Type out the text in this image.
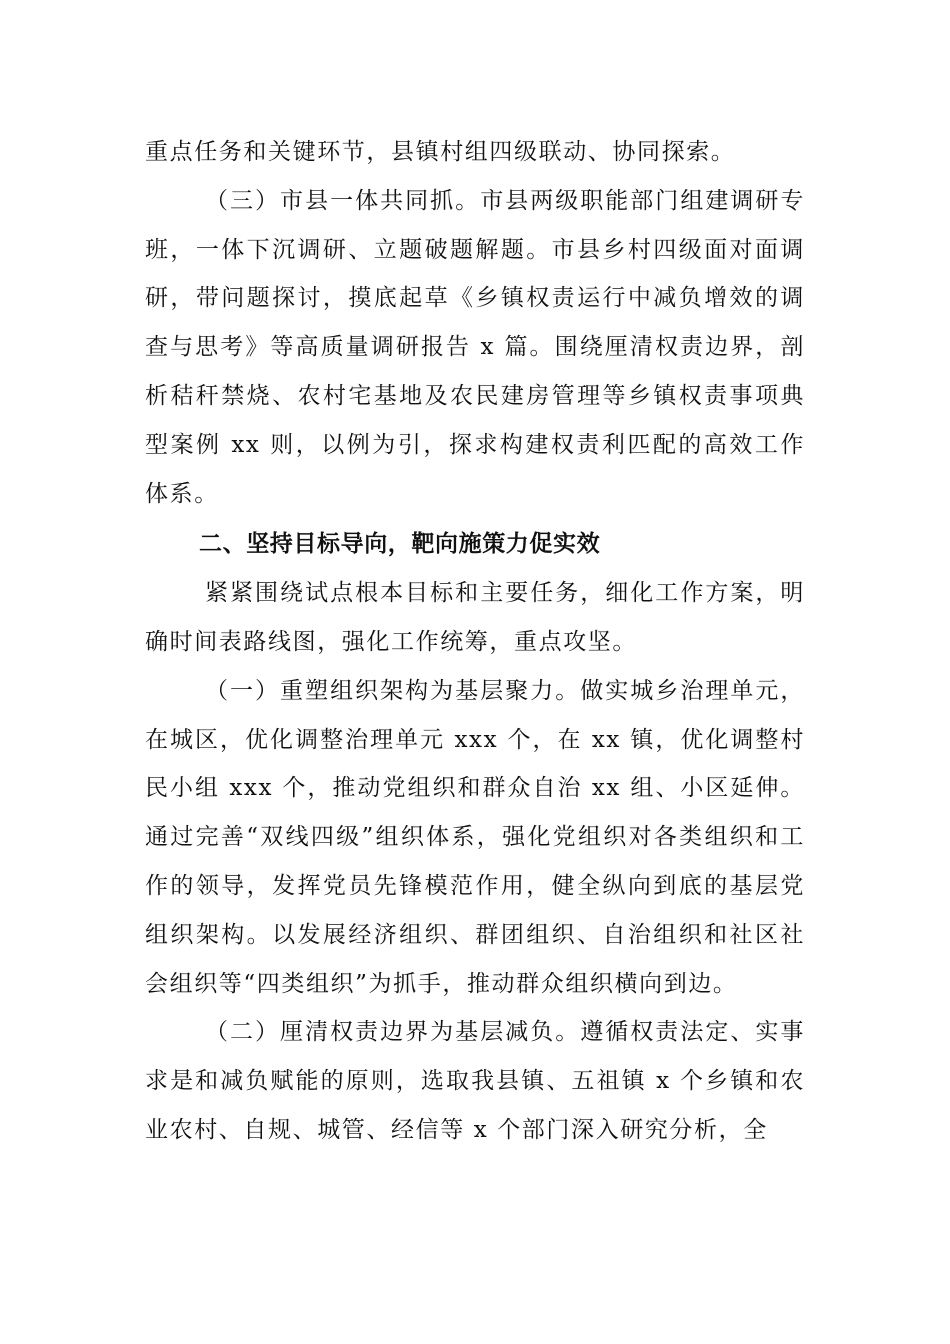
重点任务和关键环节，县镇村组四级联动、协同探索。

（三）市县一体共同抓。市县两级职能部门组建调研专班，一体下沉调研、立题破题解题。市县乡村四级面对面调研，带问题探讨，摸底起草《乡镇权责运行中减负增效的调查与思考》等高质量调研报告 x 篇。围绕厘清权责边界，剖析秸秆禁烧、农村宅基地及农民建房管理等乡镇权责事项典型案例 xx 则，以例为引，探求构建权责利匹配的高效工作体系。

二、坚持目标导向，靶向施策力促实效

紧紧围绕试点根本目标和主要任务，细化工作方案，明确时间表路线图，强化工作统筹，重点攻坚。

（一）重塑组织架构为基层聚力。做实城乡治理单元，在城区，优化调整治理单元 xxx 个，在 xx 镇，优化调整村民小组 xxx 个，推动党组织和群众自治 xx 组、小区延伸。通过完善“双线四级”组织体系，强化党组织对各类组织和工作的领导，发挥党员先锋模范作用，健全纵向到底的基层党组织架构。以发展经济组织、群团组织、自治组织和社区社会组织等“四类组织”为抓手，推动群众组织横向到边。

（二）厘清权责边界为基层减负。遵循权责法定、实事求是和减负赋能的原则，选取我县镇、五祖镇 x 个乡镇和农业农村、自规、城管、经信等 x 个部门深入研究分析，全
